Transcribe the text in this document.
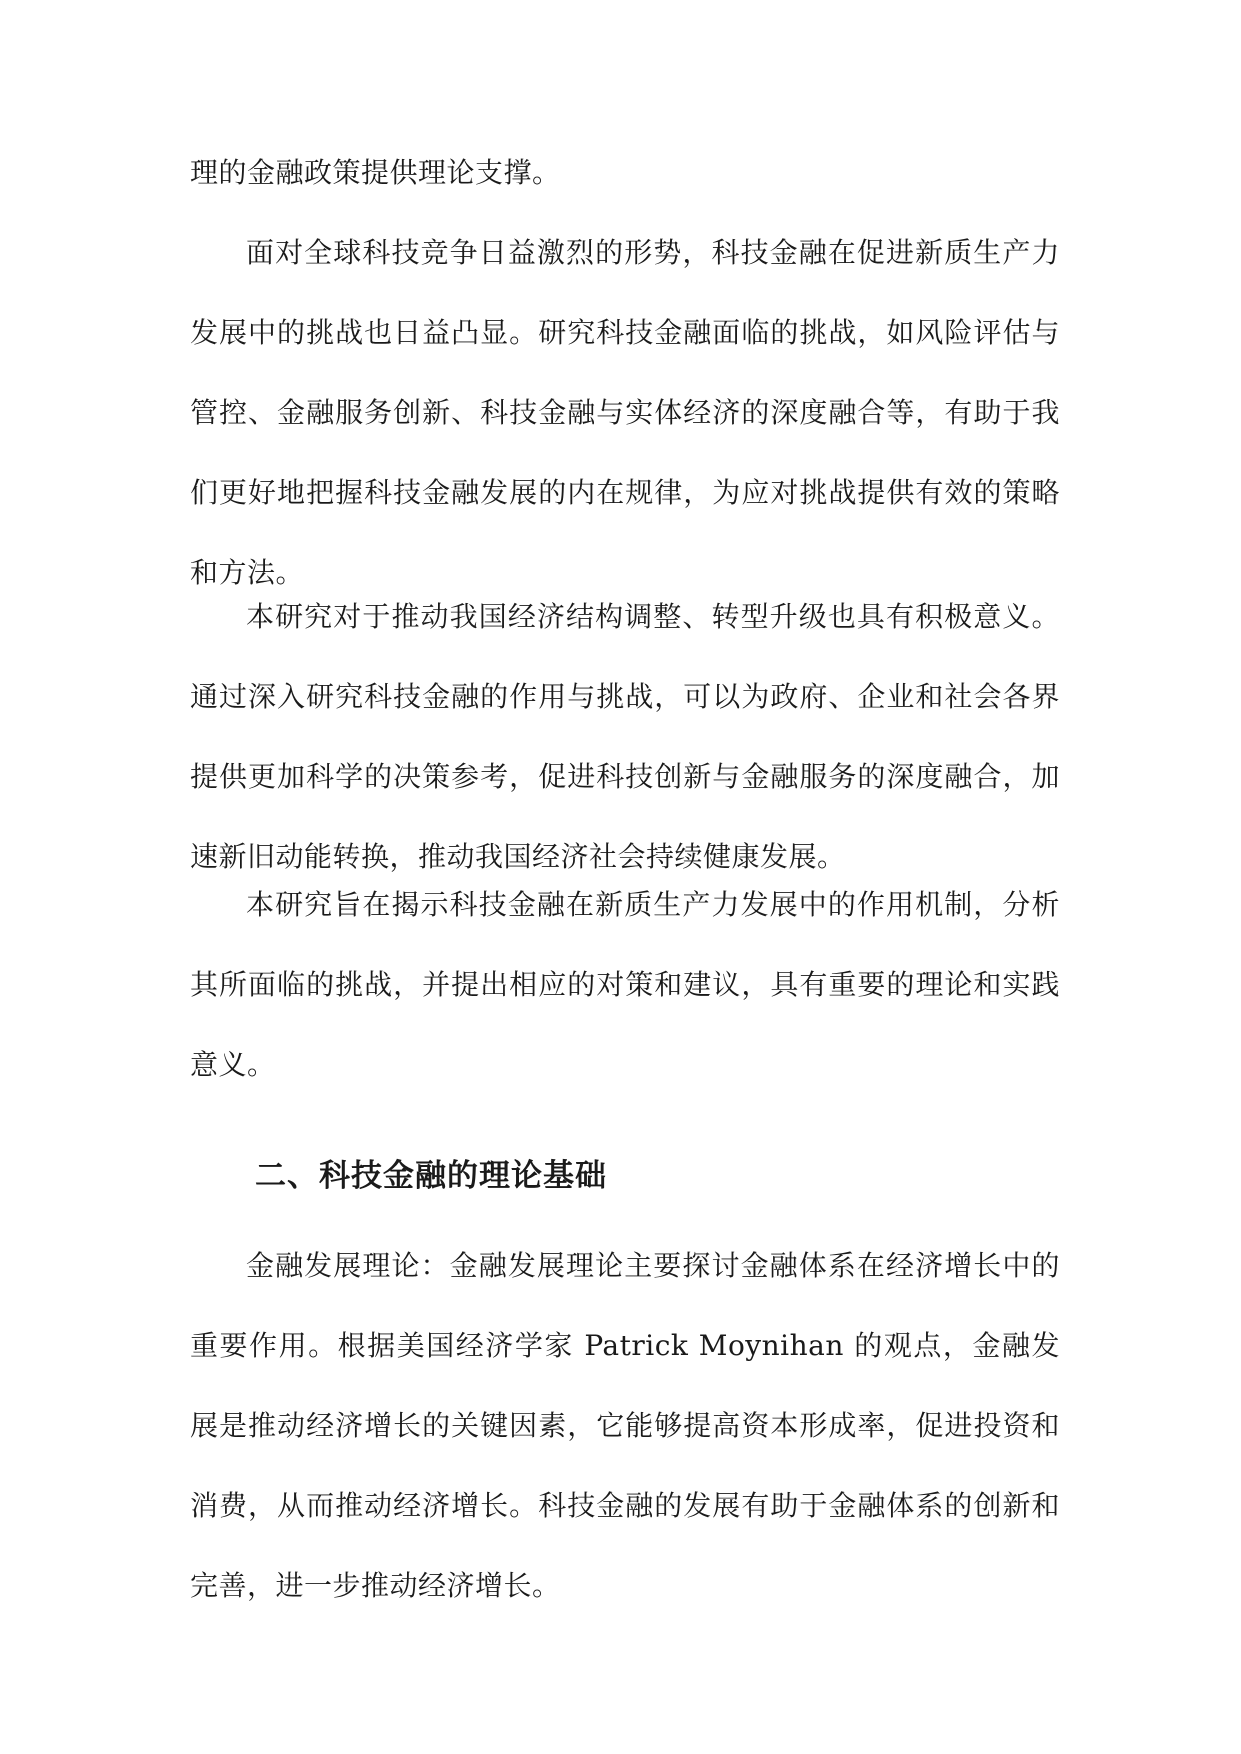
理的金融政策提供理论支撑。

面对全球科技竞争日益激烈的形势，科技金融在促进新质生产力发展中的挑战也日益凸显。研究科技金融面临的挑战，如风险评估与管控、金融服务创新、科技金融与实体经济的深度融合等，有助于我们更好地把握科技金融发展的内在规律，为应对挑战提供有效的策略和方法。

本研究对于推动我国经济结构调整、转型升级也具有积极意义。通过深入研究科技金融的作用与挑战，可以为政府、企业和社会各界提供更加科学的决策参考，促进科技创新与金融服务的深度融合，加速新旧动能转换，推动我国经济社会持续健康发展。

本研究旨在揭示科技金融在新质生产力发展中的作用机制，分析其所面临的挑战，并提出相应的对策和建议，具有重要的理论和实践意义。

二、科技金融的理论基础

金融发展理论：金融发展理论主要探讨金融体系在经济增长中的重要作用。根据美国经济学家 Patrick Moynihan 的观点，金融发展是推动经济增长的关键因素，它能够提高资本形成率，促进投资和消费，从而推动经济增长。科技金融的发展有助于金融体系的创新和完善，进一步推动经济增长。
